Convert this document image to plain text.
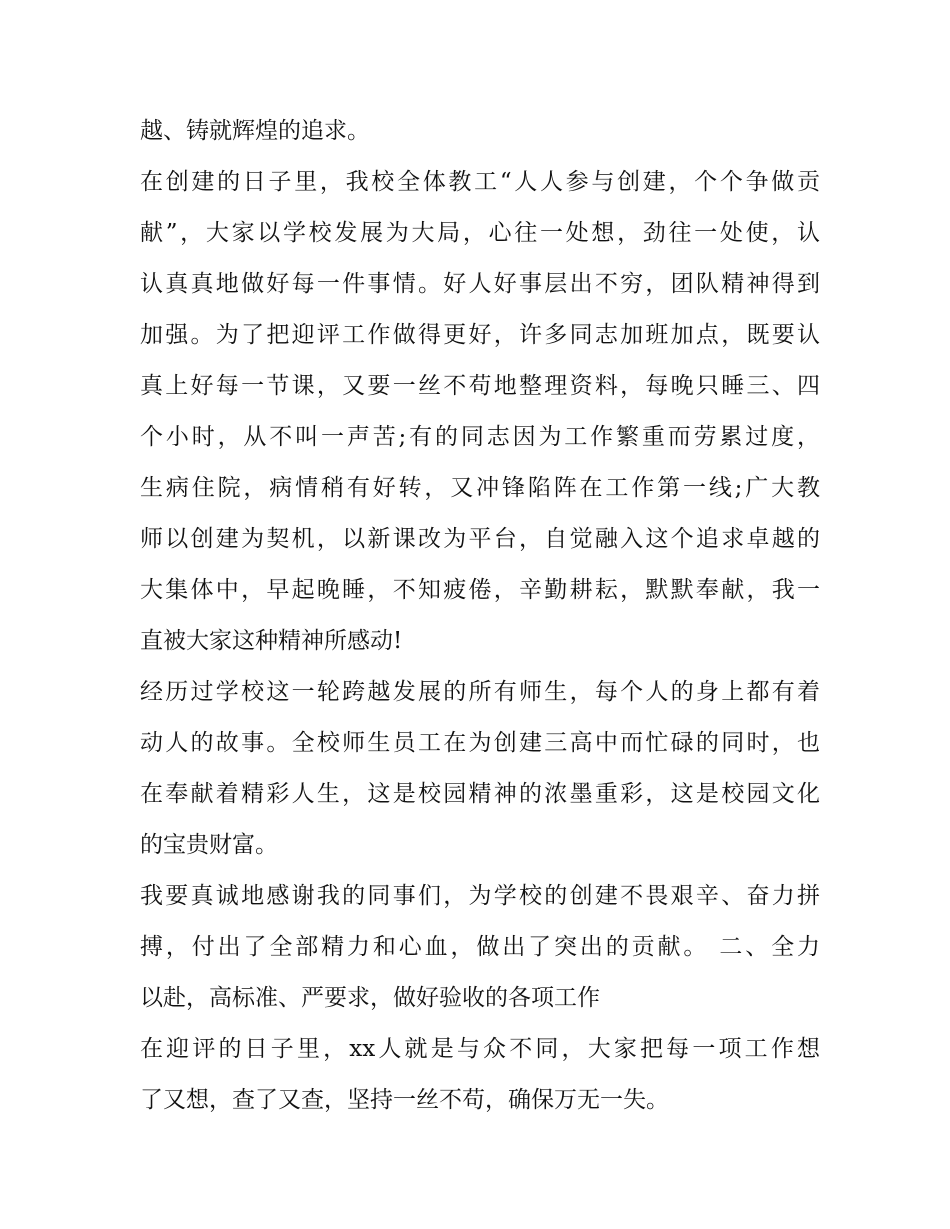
越、铸就辉煌的追求。
在创建的日子里，我校全体教工“人人参与创建，个个争做贡
献”，大家以学校发展为大局，心往一处想，劲往一处使，认
认真真地做好每一件事情。好人好事层出不穷，团队精神得到
加强。为了把迎评工作做得更好，许多同志加班加点，既要认
真上好每一节课，又要一丝不苟地整理资料，每晚只睡三、四
个小时，从不叫一声苦;有的同志因为工作繁重而劳累过度，
生病住院，病情稍有好转，又冲锋陷阵在工作第一线;广大教
师以创建为契机，以新课改为平台，自觉融入这个追求卓越的
大集体中，早起晚睡，不知疲倦，辛勤耕耘，默默奉献，我一
直被大家这种精神所感动!
经历过学校这一轮跨越发展的所有师生，每个人的身上都有着
动人的故事。全校师生员工在为创建三高中而忙碌的同时，也
在奉献着精彩人生，这是校园精神的浓墨重彩，这是校园文化
的宝贵财富。
我要真诚地感谢我的同事们，为学校的创建不畏艰辛、奋力拼
搏，付出了全部精力和心血，做出了突出的贡献。 二、全力
以赴，高标准、严要求，做好验收的各项工作
在迎评的日子里，xx人就是与众不同，大家把每一项工作想
了又想，查了又查，坚持一丝不苟，确保万无一失。
